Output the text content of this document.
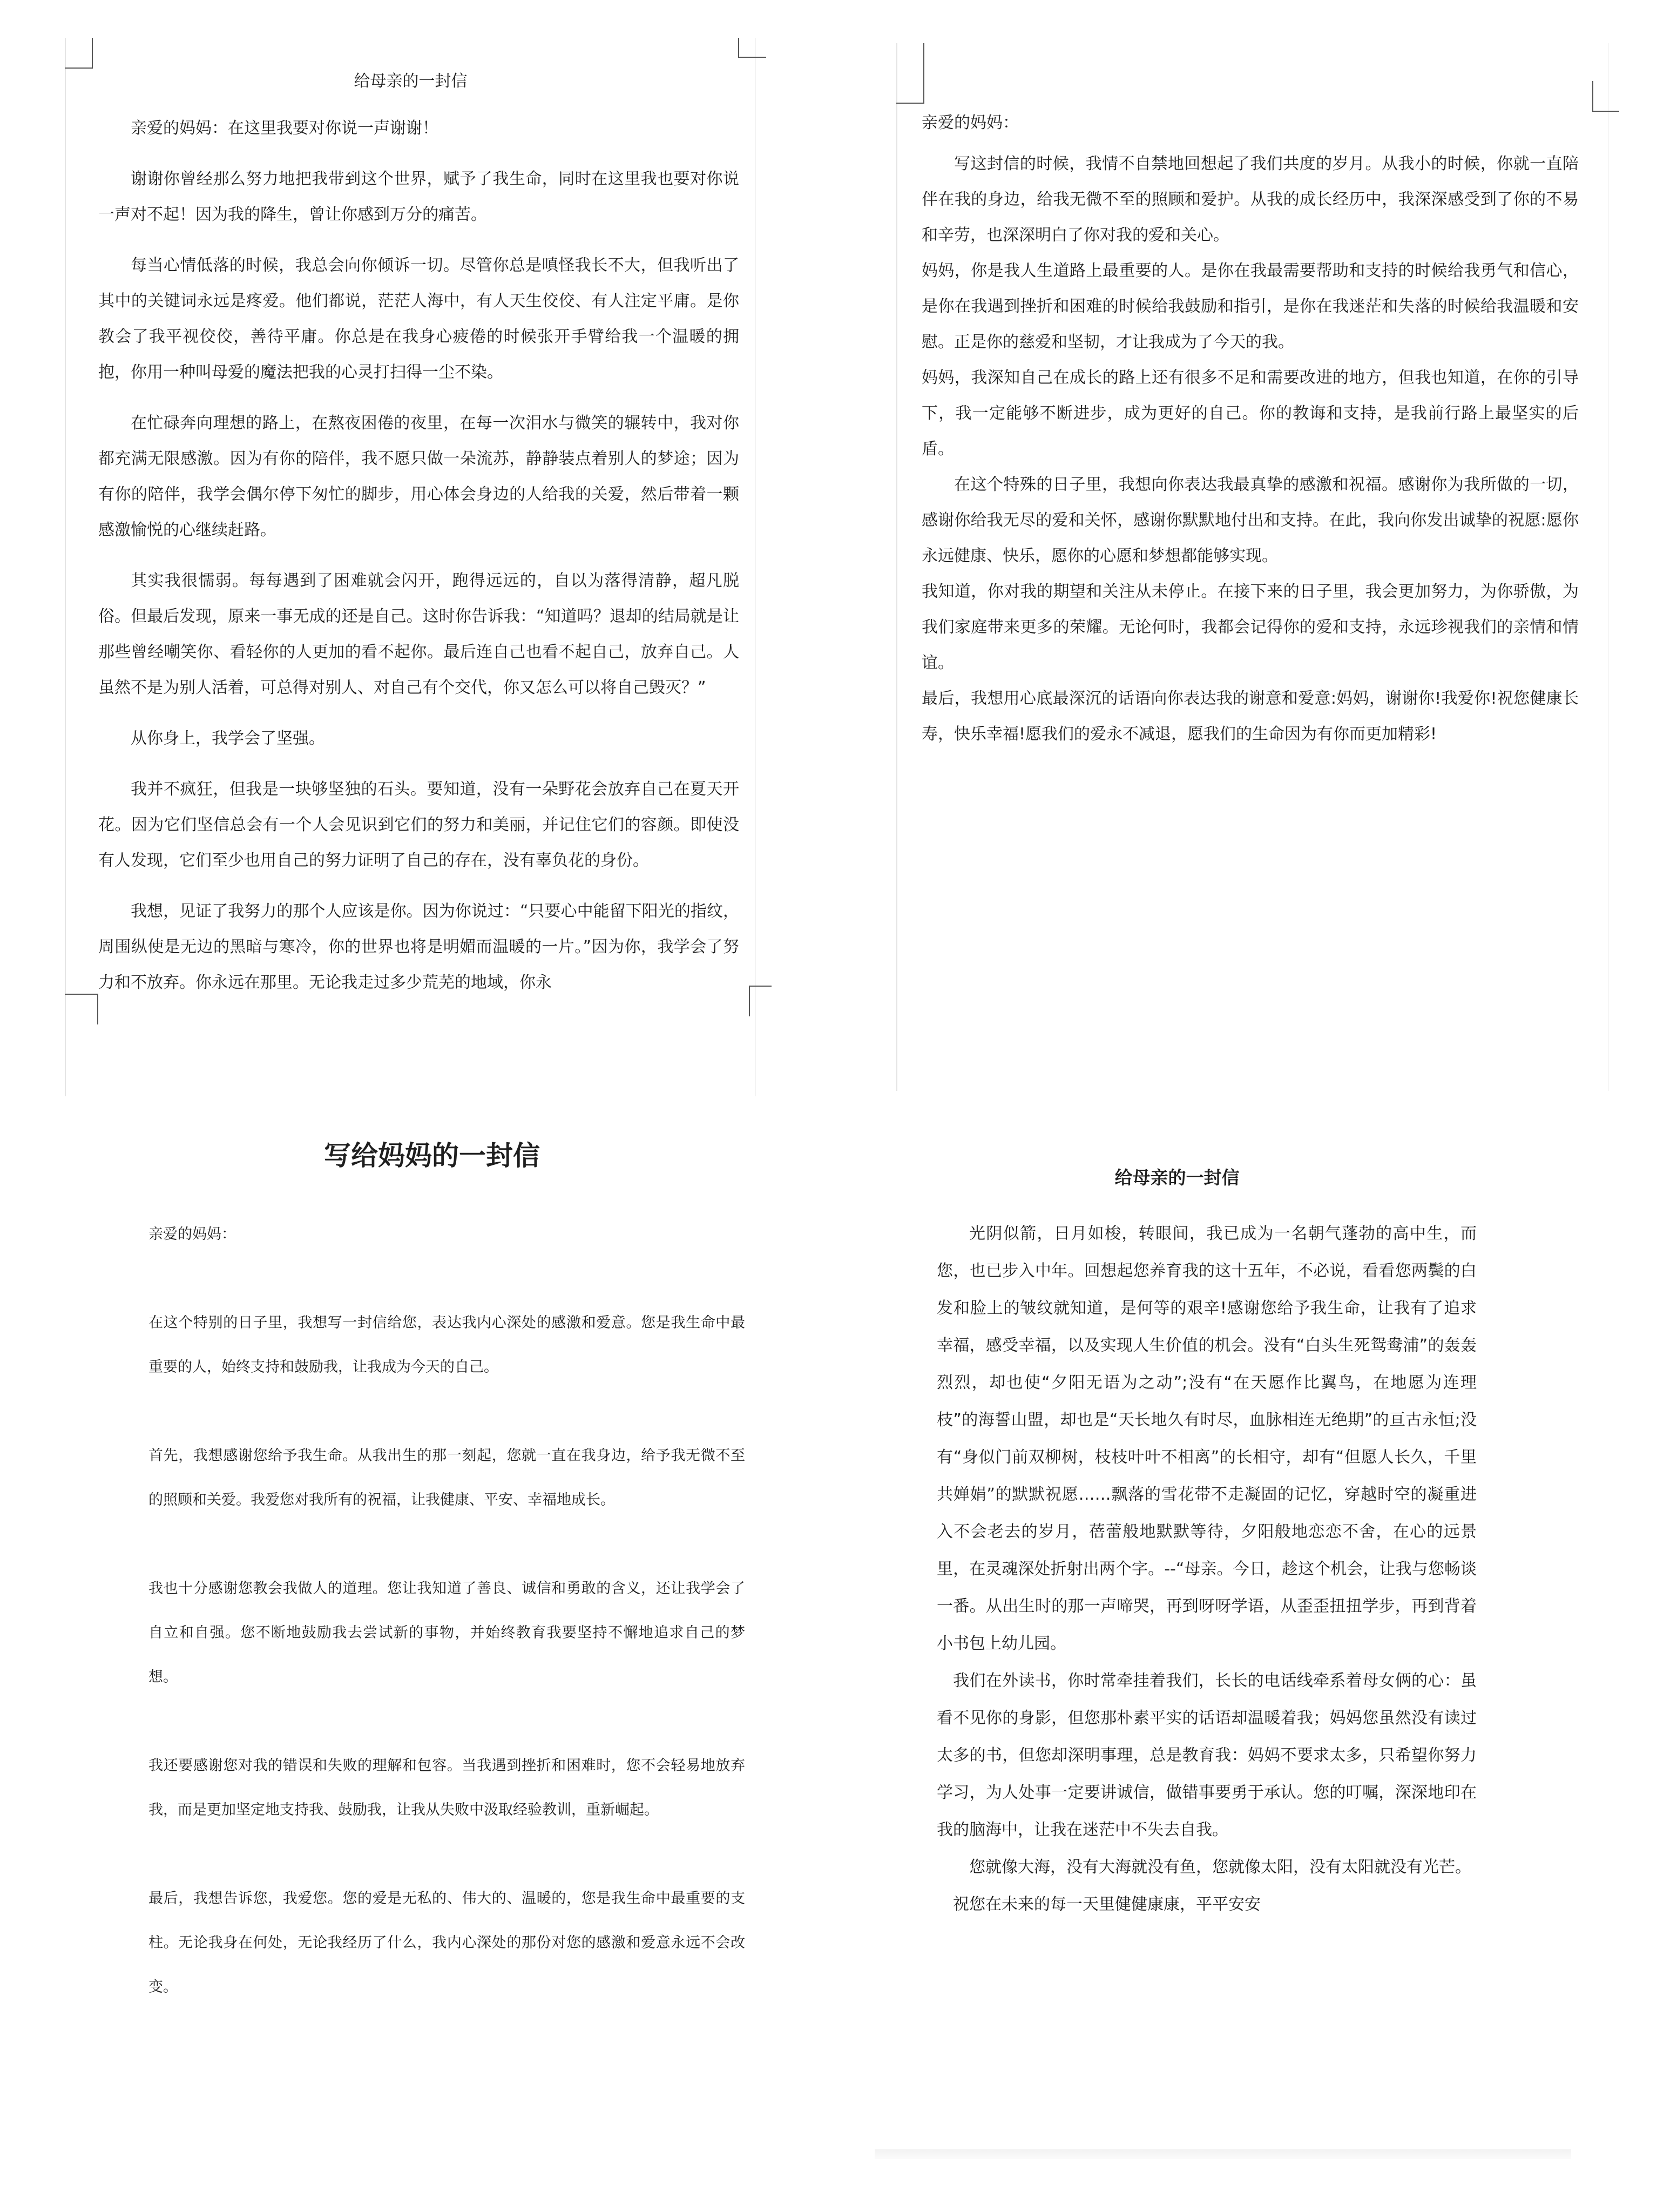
给母亲的一封信

亲爱的妈妈：在这里我要对你说一声谢谢！

谢谢你曾经那么努力地把我带到这个世界，赋予了我生命，同时在这里我也要对你说一声对不起！因为我的降生，曾让你感到万分的痛苦。

每当心情低落的时候，我总会向你倾诉一切。尽管你总是嗔怪我长不大，但我听出了其中的关键词永远是疼爱。他们都说，茫茫人海中，有人天生佼佼、有人注定平庸。是你教会了我平视佼佼，善待平庸。你总是在我身心疲倦的时候张开手臂给我一个温暖的拥抱，你用一种叫母爱的魔法把我的心灵打扫得一尘不染。

在忙碌奔向理想的路上，在熬夜困倦的夜里，在每一次泪水与微笑的辗转中，我对你都充满无限感激。因为有你的陪伴，我不愿只做一朵流苏，静静装点着别人的梦途；因为有你的陪伴，我学会偶尔停下匆忙的脚步，用心体会身边的人给我的关爱，然后带着一颗感激愉悦的心继续赶路。

其实我很懦弱。每每遇到了困难就会闪开，跑得远远的，自以为落得清静，超凡脱俗。但最后发现，原来一事无成的还是自己。这时你告诉我：“知道吗？退却的结局就是让那些曾经嘲笑你、看轻你的人更加的看不起你。最后连自己也看不起自己，放弃自己。人虽然不是为别人活着，可总得对别人、对自己有个交代，你又怎么可以将自己毁灭？”

从你身上，我学会了坚强。

我并不疯狂，但我是一块够坚独的石头。要知道，没有一朵野花会放弃自己在夏天开花。因为它们坚信总会有一个人会见识到它们的努力和美丽，并记住它们的容颜。即使没有人发现，它们至少也用自己的努力证明了自己的存在，没有辜负花的身份。

我想，见证了我努力的那个人应该是你。因为你说过：“只要心中能留下阳光的指纹，周围纵使是无边的黑暗与寒冷，你的世界也将是明媚而温暖的一片。”因为你，我学会了努力和不放弃。你永远在那里。无论我走过多少荒芜的地域，你永

亲爱的妈妈：

写这封信的时候，我情不自禁地回想起了我们共度的岁月。从我小的时候，你就一直陪伴在我的身边，给我无微不至的照顾和爱护。从我的成长经历中，我深深感受到了你的不易和辛劳，也深深明白了你对我的爱和关心。

妈妈，你是我人生道路上最重要的人。是你在我最需要帮助和支持的时候给我勇气和信心，是你在我遇到挫折和困难的时候给我鼓励和指引，是你在我迷茫和失落的时候给我温暖和安慰。正是你的慈爱和坚韧，才让我成为了今天的我。

妈妈，我深知自己在成长的路上还有很多不足和需要改进的地方，但我也知道，在你的引导下，我一定能够不断进步，成为更好的自己。你的教诲和支持，是我前行路上最坚实的后盾。

在这个特殊的日子里，我想向你表达我最真挚的感激和祝福。感谢你为我所做的一切，感谢你给我无尽的爱和关怀，感谢你默默地付出和支持。在此，我向你发出诚挚的祝愿:愿你永远健康、快乐，愿你的心愿和梦想都能够实现。

我知道，你对我的期望和关注从未停止。在接下来的日子里，我会更加努力，为你骄傲，为我们家庭带来更多的荣耀。无论何时，我都会记得你的爱和支持，永远珍视我们的亲情和情谊。

最后，我想用心底最深沉的话语向你表达我的谢意和爱意:妈妈，谢谢你!我爱你!祝您健康长寿，快乐幸福!愿我们的爱永不减退，愿我们的生命因为有你而更加精彩!

写给妈妈的一封信

亲爱的妈妈：

在这个特别的日子里，我想写一封信给您，表达我内心深处的感激和爱意。您是我生命中最重要的人，始终支持和鼓励我，让我成为今天的自己。

首先，我想感谢您给予我生命。从我出生的那一刻起，您就一直在我身边，给予我无微不至的照顾和关爱。我爱您对我所有的祝福，让我健康、平安、幸福地成长。

我也十分感谢您教会我做人的道理。您让我知道了善良、诚信和勇敢的含义，还让我学会了自立和自强。您不断地鼓励我去尝试新的事物，并始终教育我要坚持不懈地追求自己的梦想。

我还要感谢您对我的错误和失败的理解和包容。当我遇到挫折和困难时，您不会轻易地放弃我，而是更加坚定地支持我、鼓励我，让我从失败中汲取经验教训，重新崛起。

最后，我想告诉您，我爱您。您的爱是无私的、伟大的、温暖的，您是我生命中最重要的支柱。无论我身在何处，无论我经历了什么，我内心深处的那份对您的感激和爱意永远不会改变。

给母亲的一封信

光阴似箭，日月如梭，转眼间，我已成为一名朝气蓬勃的高中生，而您，也已步入中年。回想起您养育我的这十五年，不必说，看看您两鬓的白发和脸上的皱纹就知道，是何等的艰辛!感谢您给予我生命，让我有了追求幸福，感受幸福，以及实现人生价值的机会。没有“白头生死鸳鸯浦”的轰轰烈烈，却也使“夕阳无语为之动”;没有“在天愿作比翼鸟，在地愿为连理枝”的海誓山盟，却也是“天长地久有时尽，血脉相连无绝期”的亘古永恒;没有“身似门前双柳树，枝枝叶叶不相离”的长相守，却有“但愿人长久，千里共婵娟”的默默祝愿……飘落的雪花带不走凝固的记忆，穿越时空的凝重进入不会老去的岁月，蓓蕾般地默默等待，夕阳般地恋恋不舍，在心的远景里，在灵魂深处折射出两个字。--“母亲。今日，趁这个机会，让我与您畅谈一番。从出生时的那一声啼哭，再到呀呀学语，从歪歪扭扭学步，再到背着小书包上幼儿园。

我们在外读书，你时常牵挂着我们，长长的电话线牵系着母女俩的心：虽看不见你的身影，但您那朴素平实的话语却温暖着我；妈妈您虽然没有读过太多的书，但您却深明事理，总是教育我：妈妈不要求太多，只希望你努力学习，为人处事一定要讲诚信，做错事要勇于承认。您的叮嘱，深深地印在我的脑海中，让我在迷茫中不失去自我。

您就像大海，没有大海就没有鱼，您就像太阳，没有太阳就没有光芒。

祝您在未来的每一天里健健康康，平平安安
